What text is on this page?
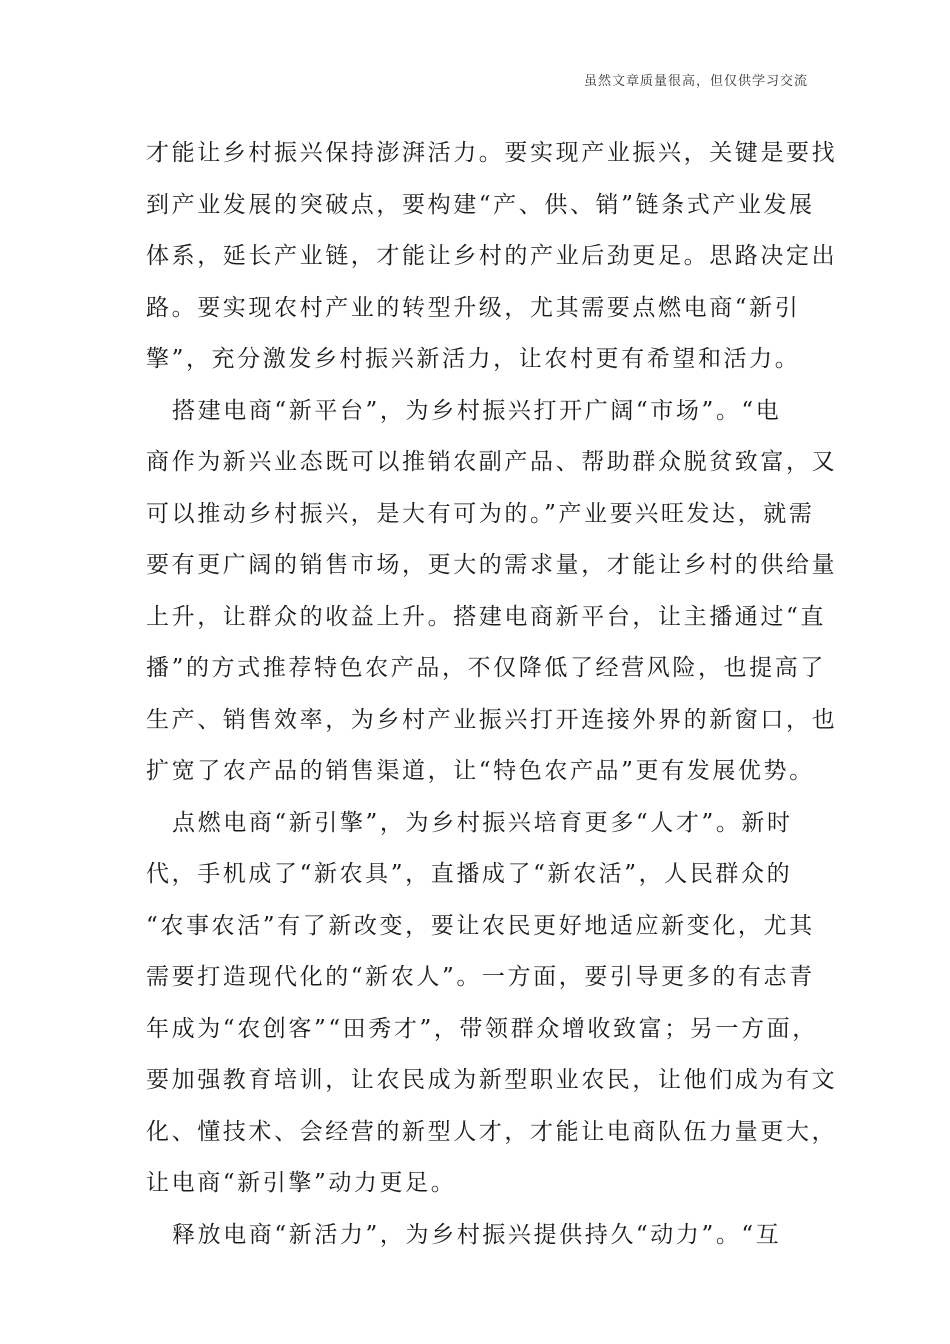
虽然文章质量很高，但仅供学习交流
才能让乡村振兴保持澎湃活力。要实现产业振兴，关键是要找
到产业发展的突破点，要构建“产、供、销”链条式产业发展
体系，延长产业链，才能让乡村的产业后劲更足。思路决定出
路。要实现农村产业的转型升级，尤其需要点燃电商“新引
擎”，充分激发乡村振兴新活力，让农村更有希望和活力。
搭建电商“新平台”，为乡村振兴打开广阔“市场”。“电
商作为新兴业态既可以推销农副产品、帮助群众脱贫致富，又
可以推动乡村振兴，是大有可为的。”产业要兴旺发达，就需
要有更广阔的销售市场，更大的需求量，才能让乡村的供给量
上升，让群众的收益上升。搭建电商新平台，让主播通过“直
播”的方式推荐特色农产品，不仅降低了经营风险，也提高了
生产、销售效率，为乡村产业振兴打开连接外界的新窗口，也
扩宽了农产品的销售渠道，让“特色农产品”更有发展优势。
点燃电商“新引擎”，为乡村振兴培育更多“人才”。新时
代，手机成了“新农具”，直播成了“新农活”，人民群众的
“农事农活”有了新改变，要让农民更好地适应新变化，尤其
需要打造现代化的“新农人”。一方面，要引导更多的有志青
年成为“农创客”“田秀才”，带领群众增收致富；另一方面，
要加强教育培训，让农民成为新型职业农民，让他们成为有文
化、懂技术、会经营的新型人才，才能让电商队伍力量更大，
让电商“新引擎”动力更足。
释放电商“新活力”，为乡村振兴提供持久“动力”。“互
